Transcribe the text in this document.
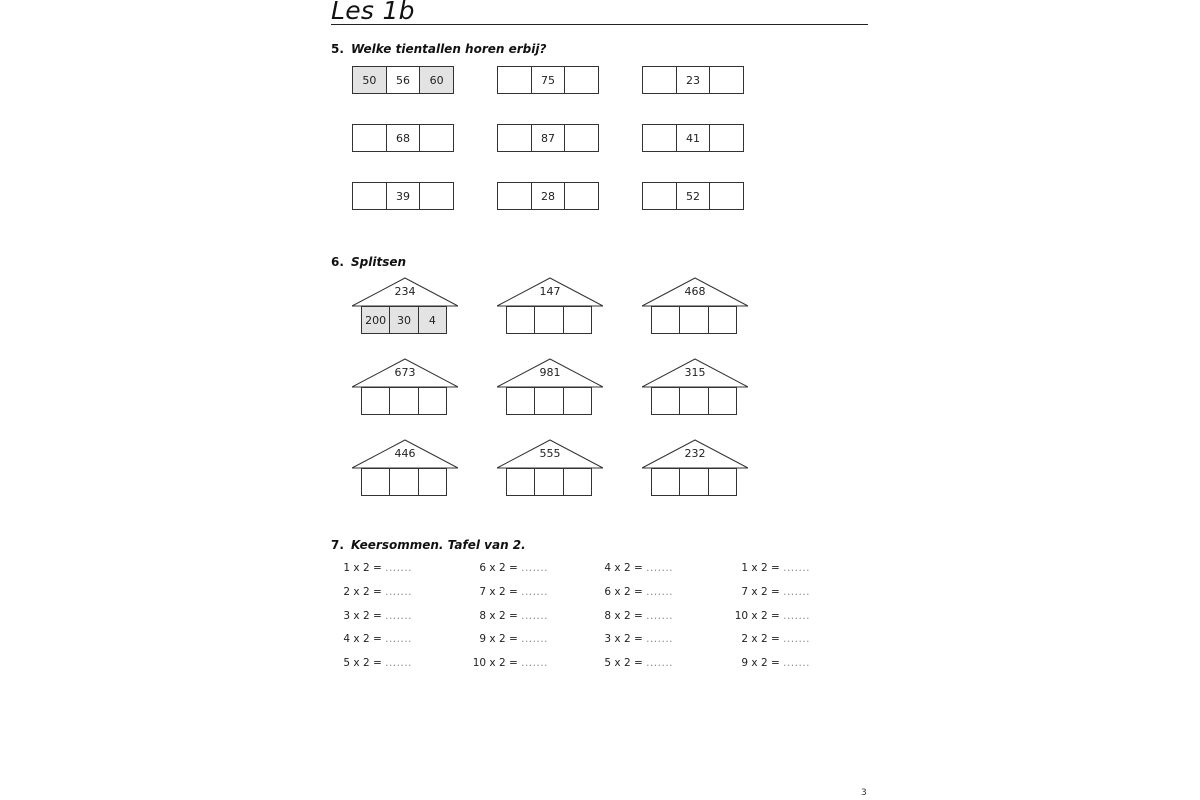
Les 1b
5. Welke tientallen horen erbij?
50	56	60	75	23
68	87	41
39	28	52
6. Splitsen
234
200 30	4
147	468
673	981	315
446	555	232
7. Keersommen. Tafel van 2.
1 x 2 = .......
2 x 2 = .......
3 x 2 = .......
4 x 2 = .......
5 x 2 = .......
6 x 2 = .......
7 x 2 = .......
8 x 2 = .......
9 x 2 = .......
10 x 2 = .......
4 x 2 = .......
6 x 2 = .......
8 x 2 = .......
3 x 2 = .......
5 x 2 = .......
1 x 2 = .......
7 x 2 = .......
10 x 2 = .......
2 x 2 = .......
9 x 2 = .......
3
